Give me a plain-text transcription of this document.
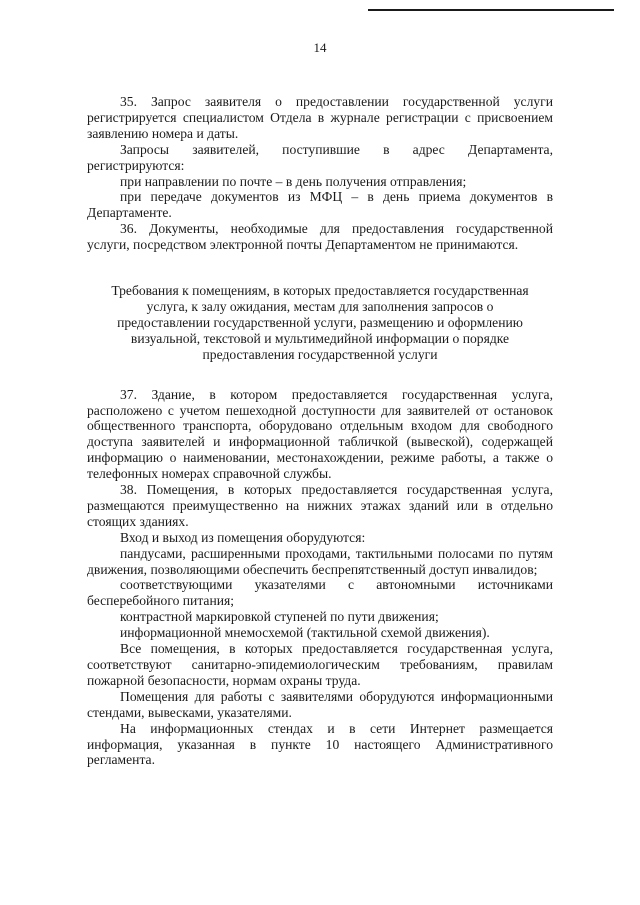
14

35. Запрос заявителя о предоставлении государственной услуги регистрируется специалистом Отдела в журнале регистрации с присвоением заявлению номера и даты.

Запросы заявителей, поступившие в адрес Департамента, регистрируются:

при направлении по почте – в день получения отправления;

при передаче документов из МФЦ – в день приема документов в Департаменте.

36. Документы, необходимые для предоставления государственной услуги, посредством электронной почты Департаментом не принимаются.

Требования к помещениям, в которых предоставляется государственная
услуга, к залу ожидания, местам для заполнения запросов о
предоставлении государственной услуги, размещению и оформлению
визуальной, текстовой и мультимедийной информации о порядке
предоставления государственной услуги

37. Здание, в котором предоставляется государственная услуга, расположено с учетом пешеходной доступности для заявителей от остановок общественного транспорта, оборудовано отдельным входом для свободного доступа заявителей и информационной табличкой (вывеской), содержащей информацию о наименовании, местонахождении, режиме работы, а также о телефонных номерах справочной службы.

38. Помещения, в которых предоставляется государственная услуга, размещаются преимущественно на нижних этажах зданий или в отдельно стоящих зданиях.

Вход и выход из помещения оборудуются:

пандусами, расширенными проходами, тактильными полосами по путям движения, позволяющими обеспечить беспрепятственный доступ инвалидов;

соответствующими указателями с автономными источниками бесперебойного питания;

контрастной маркировкой ступеней по пути движения;

информационной мнемосхемой (тактильной схемой движения).

Все помещения, в которых предоставляется государственная услуга, соответствуют санитарно-эпидемиологическим требованиям, правилам пожарной безопасности, нормам охраны труда.

Помещения для работы с заявителями оборудуются информационными стендами, вывесками, указателями.

На информационных стендах и в сети Интернет размещается информация, указанная в пункте 10 настоящего Административного регламента.
